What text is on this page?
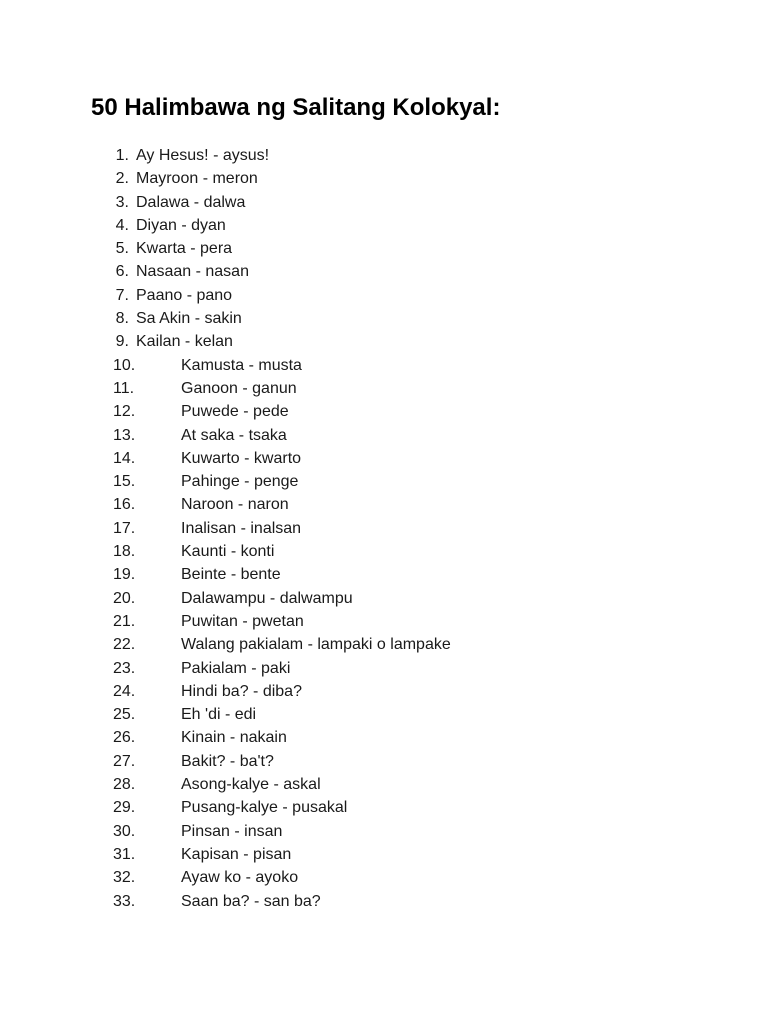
50 Halimbawa ng Salitang Kolokyal:
1. Ay Hesus! - aysus!
2. Mayroon - meron
3. Dalawa - dalwa
4. Diyan - dyan
5. Kwarta - pera
6. Nasaan - nasan
7. Paano - pano
8. Sa Akin - sakin
9. Kailan - kelan
10.	Kamusta - musta
11.	Ganoon - ganun
12.	Puwede - pede
13.	At saka - tsaka
14.	Kuwarto - kwarto
15.	Pahinge - penge
16.	Naroon - naron
17.	Inalisan - inalsan
18.	Kaunti - konti
19.	Beinte - bente
20.	Dalawampu - dalwampu
21.	Puwitan - pwetan
22.	Walang pakialam - lampaki o lampake
23.	Pakialam - paki
24.	Hindi ba? - diba?
25.	Eh 'di - edi
26.	Kinain - nakain
27.	Bakit? - ba't?
28.	Asong-kalye - askal
29.	Pusang-kalye - pusakal
30.	Pinsan - insan
31.	Kapisan - pisan
32.	Ayaw ko - ayoko
33.	Saan ba? - san ba?
